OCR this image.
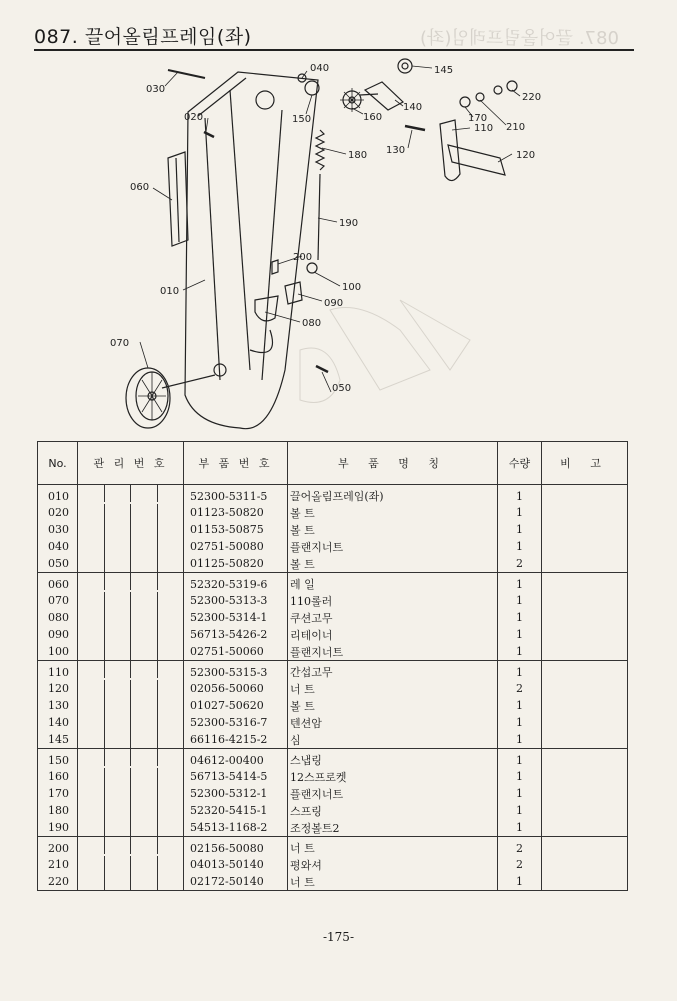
087. 끌어올림프레임(좌)
087. 끌어올림프레임(좌)
030
020
040
050
060
070
080
090
100
110
120
130
140
145
150	160	170
180
190
200
210
220
010
No.	관 리 번 호	부 품 번 호	부 품 명 칭	수량	비 고
010		52300-5311-5	끌어올림프레임(좌)	1	
020		01123-50820	볼 트	1	
030		01153-50875	볼 트	1	
040		02751-50080	플랜지너트	1	
050		01125-50820	볼 트	2	
060		52320-5319-6	레 일	1	
070		52300-5313-3	110롤러	1	
080		52300-5314-1	쿠션고무	1	
090		56713-5426-2	리테이너	1	
100		02751-50060	플랜지너트	1	
110		52300-5315-3	간섭고무	1	
120		02056-50060	너 트	2	
130		01027-50620	볼 트	1	
140		52300-5316-7	텐션암	1	
145		66116-4215-2	심	1	
150		04612-00400	스냅링	1	
160		56713-5414-5	12스프로켓	1	
170		52300-5312-1	플랜지너트	1	
180		52320-5415-1	스프링	1	
190		54513-1168-2	조정볼트2	1	
200		02156-50080	너 트	2	
210		04013-50140	평와셔	2	
220		02172-50140	너 트	1	
-175-
